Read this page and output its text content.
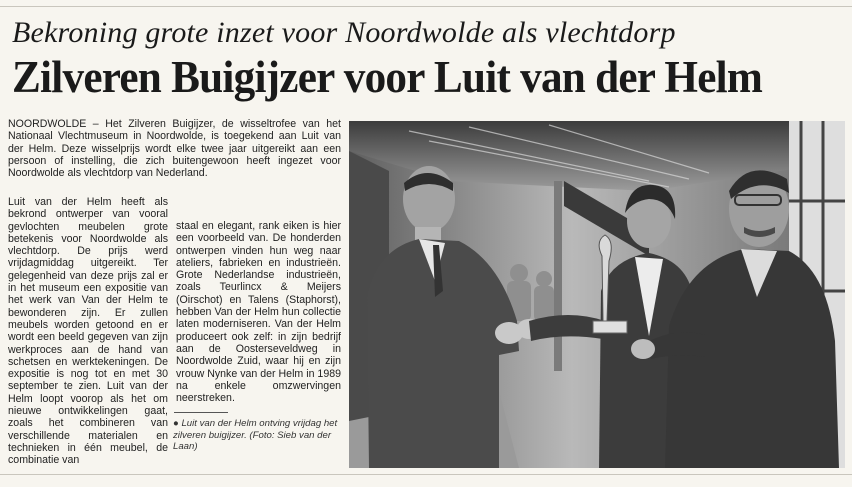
Bekroning grote inzet voor Noordwolde als vlechtdorp
Zilveren Buigijzer voor Luit van der Helm
NOORDWOLDE – Het Zilveren Buigijzer, de wisseltrofee van het Nationaal Vlechtmuseum in Noordwolde, is toegekend aan Luit van der Helm. Deze wisselprijs wordt elke twee jaar uitgereikt aan een persoon of instelling, die zich buitengewoon heeft ingezet voor Noordwolde als vlechtdorp van Nederland.
Luit van der Helm heeft als bekrond ontwerper van vooral gevlochten meubelen grote betekenis voor Noordwolde als vlechtdorp. De prijs werd vrijdagmiddag uitgereikt. Ter gelegenheid van deze prijs zal er in het museum een expositie van het werk van Van der Helm te bewonderen zijn. Er zullen meubels worden getoond en er wordt een beeld gegeven van zijn werkproces aan de hand van schetsen en werktekeningen. De expositie is nog tot en met 30 september te zien. Luit van der Helm loopt voorop als het om nieuwe ontwikkelingen gaat, zoals het combineren van verschillende materialen en technieken in één meubel, de combinatie van
staal en elegant, rank eiken is hier een voorbeeld van. De honderden ontwerpen vinden hun weg naar ateliers, fabrieken en industrieën. Grote Nederlandse industrieën, zoals Teurlincx & Meijers (Oirschot) en Talens (Staphorst), hebben Van der Helm hun collectie laten moderniseren. Van der Helm produceert ook zelf: in zijn bedrijf aan de Oosterseveldweg in Noordwolde Zuid, waar hij en zijn vrouw Nynke van der Helm in 1989 na enkele omzwervingen neerstreken.
● Luit van der Helm ontving vrijdag het zilveren buigijzer. (Foto: Sieb van der Laan)
